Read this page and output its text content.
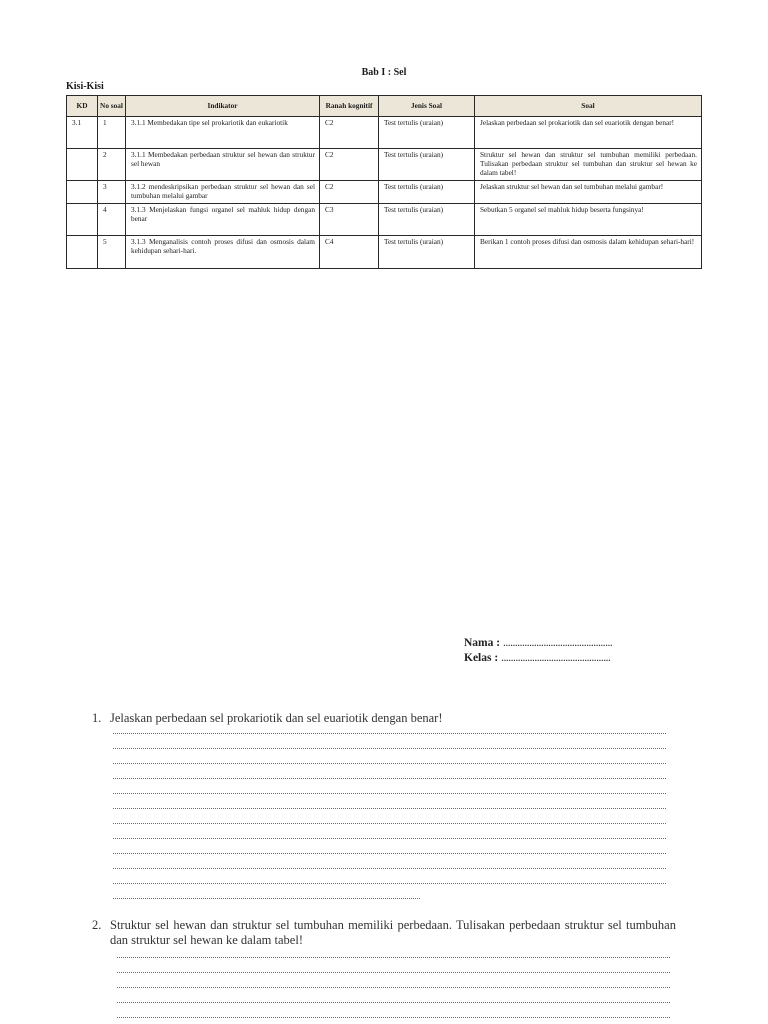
Bab I : Sel
Kisi-Kisi
KD	No soal	Indikator	Ranah kognitif	Jenis Soal	Soal
3.1	1	3.1.1 Membedakan tipe sel prokariotik dan eukariotik	C2	Test tertulis (uraian)	Jelaskan perbedaan sel prokariotik dan sel euariotik dengan benar!
	2	3.1.1 Membedakan perbedaan struktur sel hewan dan struktur sel hewan	C2	Test tertulis (uraian)	Struktur sel hewan dan struktur sel tumbuhan memiliki perbedaan. Tulisakan perbedaan struktur sel tumbuhan dan struktur sel hewan ke dalam tabel!
	3	3.1.2 mendeskripsikan perbedaan struktur sel hewan dan sel tumbuhan melalui gambar	C2	Test tertulis (uraian)	Jelaskan struktur sel hewan dan sel tumbuhan melalui gambar!
	4	3.1.3 Menjelaskan fungsi organel sel mahluk hidup dengan benar	C3	Test tertulis (uraian)	Sebutkan 5 organel sel mahluk hidup beserta fungsinya!
	5	3.1.3 Menganalisis contoh proses difusi dan osmosis dalam kehidupan sehari-hari.	C4	Test tertulis (uraian)	Berikan 1 contoh proses difusi dan osmosis dalam kehidupan sehari-hari!
Nama : ..............................................
Kelas : ..............................................
1. Jelaskan perbedaan sel prokariotik dan sel euariotik dengan benar!
2. Struktur sel hewan dan struktur sel tumbuhan memiliki perbedaan. Tulisakan perbedaan struktur sel tumbuhan dan struktur sel hewan ke dalam tabel!
